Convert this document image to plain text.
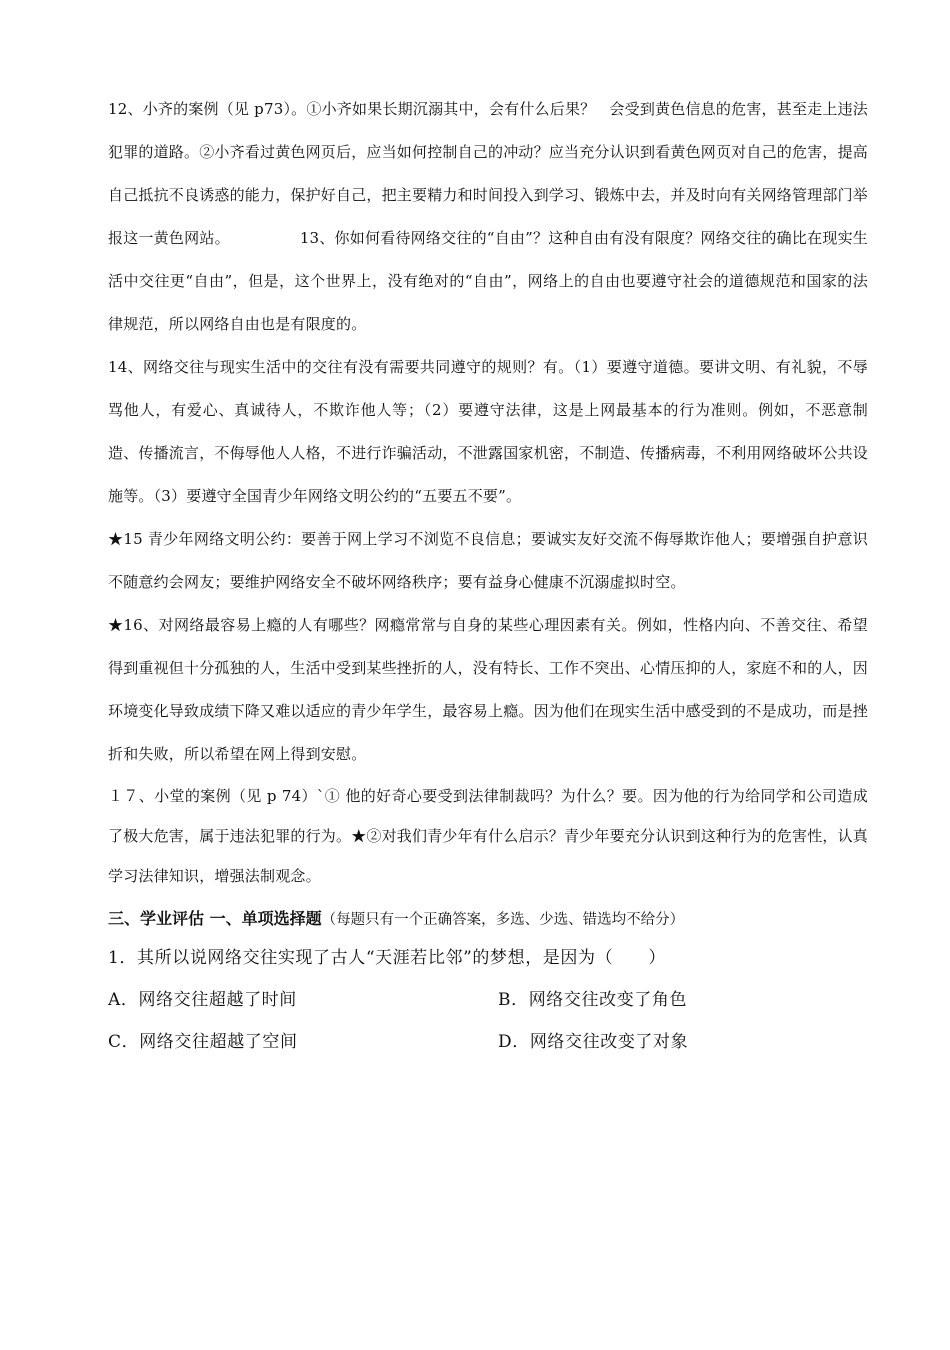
12、小齐的案例（见 p73）。①小齐如果长期沉溺其中，会有什么后果？ 会受到黄色信息的危害，甚至走上违法犯罪的道路。②小齐看过黄色网页后，应当如何控制自己的冲动？应当充分认识到看黄色网页对自己的危害，提高自己抵抗不良诱惑的能力，保护好自己，把主要精力和时间投入到学习、锻炼中去，并及时向有关网络管理部门举报这一黄色网站。	13、你如何看待网络交往的“自由”？这种自由有没有限度？网络交往的确比在现实生活中交往更“自由”，但是，这个世界上，没有绝对的“自由”，网络上的自由也要遵守社会的道德规范和国家的法律规范，所以网络自由也是有限度的。

14、网络交往与现实生活中的交往有没有需要共同遵守的规则？有。（1）要遵守道德。要讲文明、有礼貌，不辱骂他人，有爱心、真诚待人，不欺诈他人等；（2）要遵守法律，这是上网最基本的行为准则。例如，不恶意制造、传播流言，不侮辱他人人格，不进行诈骗活动，不泄露国家机密，不制造、传播病毒，不利用网络破坏公共设施等。（3）要遵守全国青少年网络文明公约的“五要五不要”。

★15 青少年网络文明公约：要善于网上学习不浏览不良信息；要诚实友好交流不侮辱欺诈他人；要增强自护意识不随意约会网友；要维护网络安全不破坏网络秩序；要有益身心健康不沉溺虚拟时空。

★16、对网络最容易上瘾的人有哪些？网瘾常常与自身的某些心理因素有关。例如，性格内向、不善交往、希望得到重视但十分孤独的人，生活中受到某些挫折的人，没有特长、工作不突出、心情压抑的人，家庭不和的人，因环境变化导致成绩下降又难以适应的青少年学生，最容易上瘾。因为他们在现实生活中感受到的不是成功，而是挫折和失败，所以希望在网上得到安慰。

１７、小堂的案例（见 p 74）`① 他的好奇心要受到法律制裁吗？为什么？要。因为他的行为给同学和公司造成了极大危害，属于违法犯罪的行为。★②对我们青少年有什么启示？青少年要充分认识到这种行为的危害性，认真学习法律知识，增强法制观念。

三、学业评估 一、单项选择题（每题只有一个正确答案，多选、少选、错选均不给分）

1．其所以说网络交往实现了古人“天涯若比邻”的梦想，是因为（　　）

A．网络交往超越了时间	B．网络交往改变了角色
C．网络交往超越了空间	D．网络交往改变了对象
